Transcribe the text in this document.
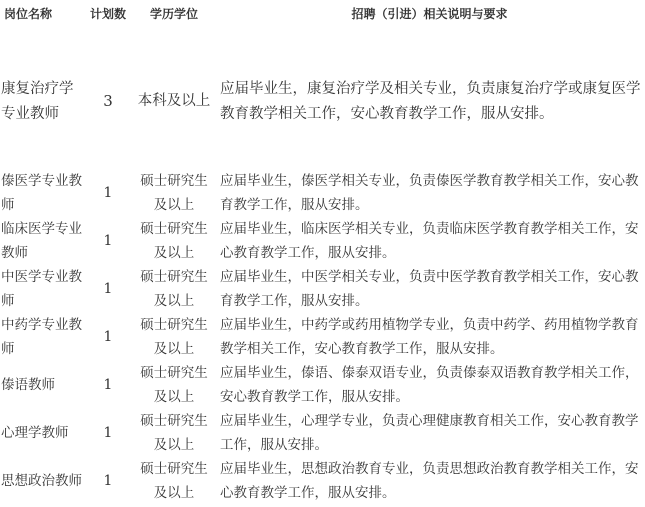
岗位名称	计划数	学历学位	招聘（引进）相关说明与要求
康复治疗学专业教师	3	本科及以上	应届毕业生，康复治疗学及相关专业，负责康复治疗学或康复医学教育教学相关工作，安心教育教学工作，服从安排。
傣医学专业教师	1	硕士研究生及以上	应届毕业生，傣医学相关专业，负责傣医学教育教学相关工作，安心教育教学工作，服从安排。
临床医学专业教师	1	硕士研究生及以上	应届毕业生，临床医学相关专业，负责临床医学教育教学相关工作，安心教育教学工作，服从安排。
中医学专业教师	1	硕士研究生及以上	应届毕业生，中医学相关专业，负责中医学教育教学相关工作，安心教育教学工作，服从安排。
中药学专业教师	1	硕士研究生及以上	应届毕业生，中药学或药用植物学专业，负责中药学、药用植物学教育教学相关工作，安心教育教学工作，服从安排。
傣语教师	1	硕士研究生及以上	应届毕业生，傣语、傣泰双语专业，负责傣泰双语教育教学相关工作，安心教育教学工作，服从安排。
心理学教师	1	硕士研究生及以上	应届毕业生，心理学专业，负责心理健康教育相关工作，安心教育教学工作，服从安排。
思想政治教师	1	硕士研究生及以上	应届毕业生，思想政治教育专业，负责思想政治教育教学相关工作，安心教育教学工作，服从安排。
